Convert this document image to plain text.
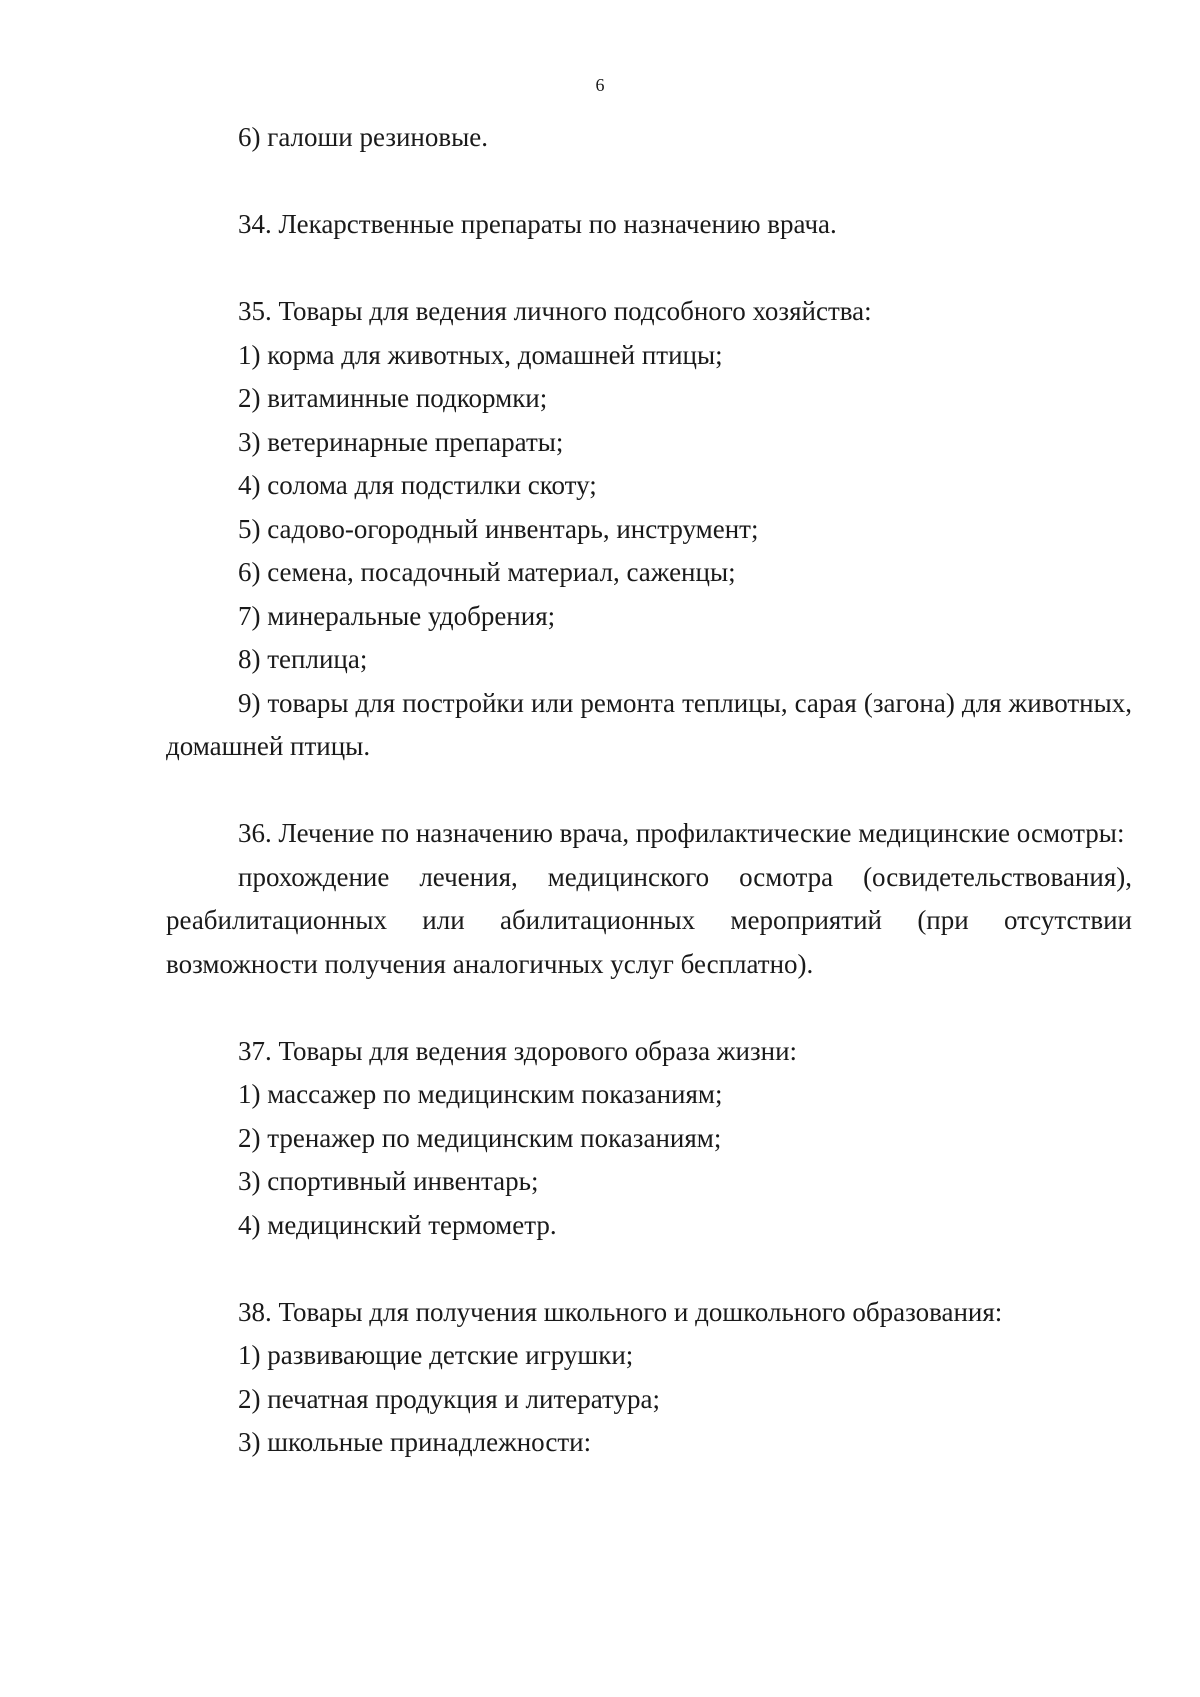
6

6) галоши резиновые.

34. Лекарственные препараты по назначению врача.

35. Товары для ведения личного подсобного хозяйства:

1) корма для животных, домашней птицы;

2) витаминные подкормки;

3) ветеринарные препараты;

4) солома для подстилки скоту;

5) садово-огородный инвентарь, инструмент;

6) семена, посадочный материал, саженцы;

7) минеральные удобрения;

8) теплица;

9) товары для постройки или ремонта теплицы, сарая (загона) для животных, домашней птицы.

36. Лечение по назначению врача, профилактические медицинские осмотры:

прохождение лечения, медицинского осмотра (освидетельствования), реабилитационных или абилитационных мероприятий (при отсутствии возможности получения аналогичных услуг бесплатно).

37. Товары для ведения здорового образа жизни:

1) массажер по медицинским показаниям;

2) тренажер по медицинским показаниям;

3) спортивный инвентарь;

4) медицинский термометр.

38. Товары для получения школьного и дошкольного образования:

1) развивающие детские игрушки;

2) печатная продукция и литература;

3) школьные принадлежности:
